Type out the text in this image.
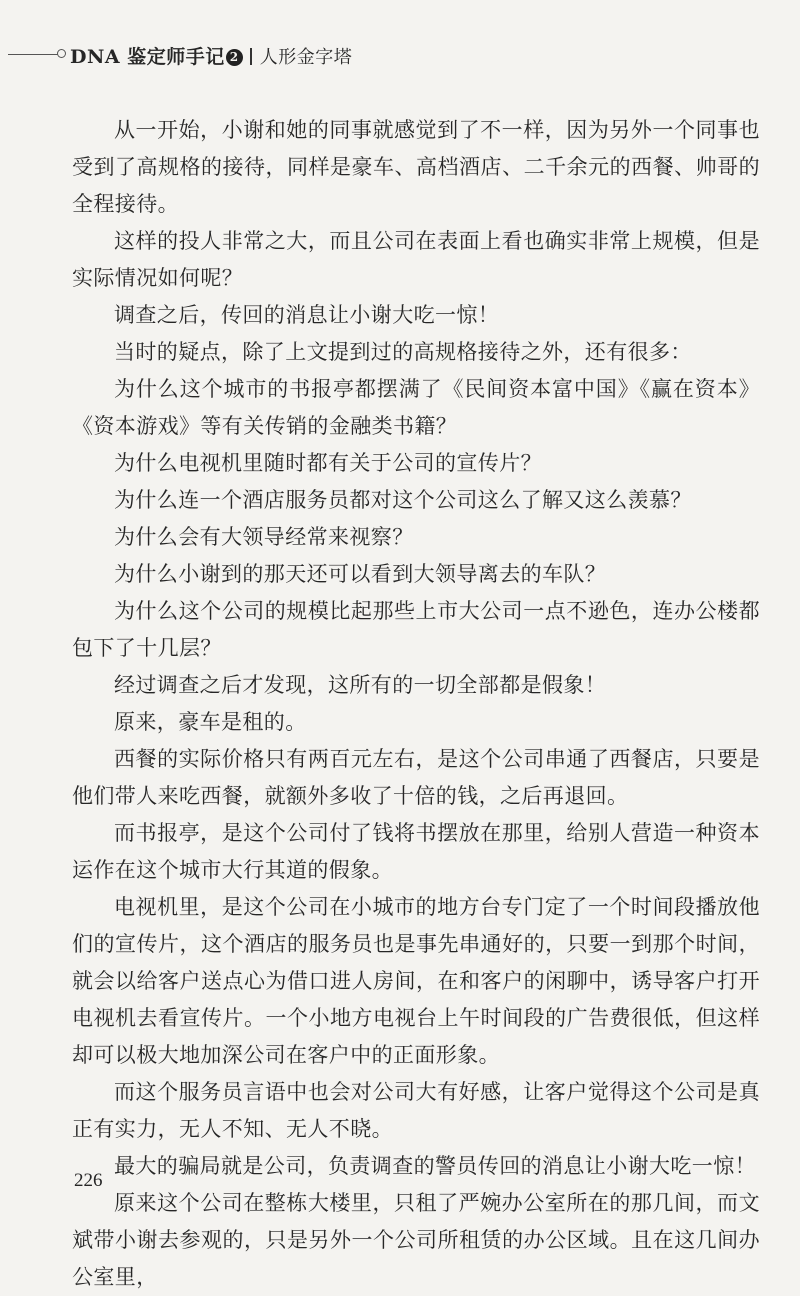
DNA 鉴定师手记 2 人形金字塔

从一开始，小谢和她的同事就感觉到了不一样，因为另外一个同事也受到了高规格的接待，同样是豪车、高档酒店、二千余元的西餐、帅哥的全程接待。

这样的投人非常之大，而且公司在表面上看也确实非常上规模，但是实际情况如何呢？

调查之后，传回的消息让小谢大吃一惊！

当时的疑点，除了上文提到过的高规格接待之外，还有很多：

为什么这个城市的书报亭都摆满了《民间资本富中国》《赢在资本》《资本游戏》等有关传销的金融类书籍？

为什么电视机里随时都有关于公司的宣传片？

为什么连一个酒店服务员都对这个公司这么了解又这么羡慕？

为什么会有大领导经常来视察？

为什么小谢到的那天还可以看到大领导离去的车队？

为什么这个公司的规模比起那些上市大公司一点不逊色，连办公楼都包下了十几层？

经过调查之后才发现，这所有的一切全部都是假象！

原来，豪车是租的。

西餐的实际价格只有两百元左右，是这个公司串通了西餐店，只要是他们带人来吃西餐，就额外多收了十倍的钱，之后再退回。

而书报亭，是这个公司付了钱将书摆放在那里，给别人营造一种资本运作在这个城市大行其道的假象。

电视机里，是这个公司在小城市的地方台专门定了一个时间段播放他们的宣传片，这个酒店的服务员也是事先串通好的，只要一到那个时间，就会以给客户送点心为借口进人房间，在和客户的闲聊中，诱导客户打开电视机去看宣传片。一个小地方电视台上午时间段的广告费很低，但这样却可以极大地加深公司在客户中的正面形象。

而这个服务员言语中也会对公司大有好感，让客户觉得这个公司是真正有实力，无人不知、无人不晓。

最大的骗局就是公司，负责调查的警员传回的消息让小谢大吃一惊！

原来这个公司在整栋大楼里，只租了严婉办公室所在的那几间，而文斌带小谢去参观的，只是另外一个公司所租赁的办公区域。且在这几间办公室里，

226
